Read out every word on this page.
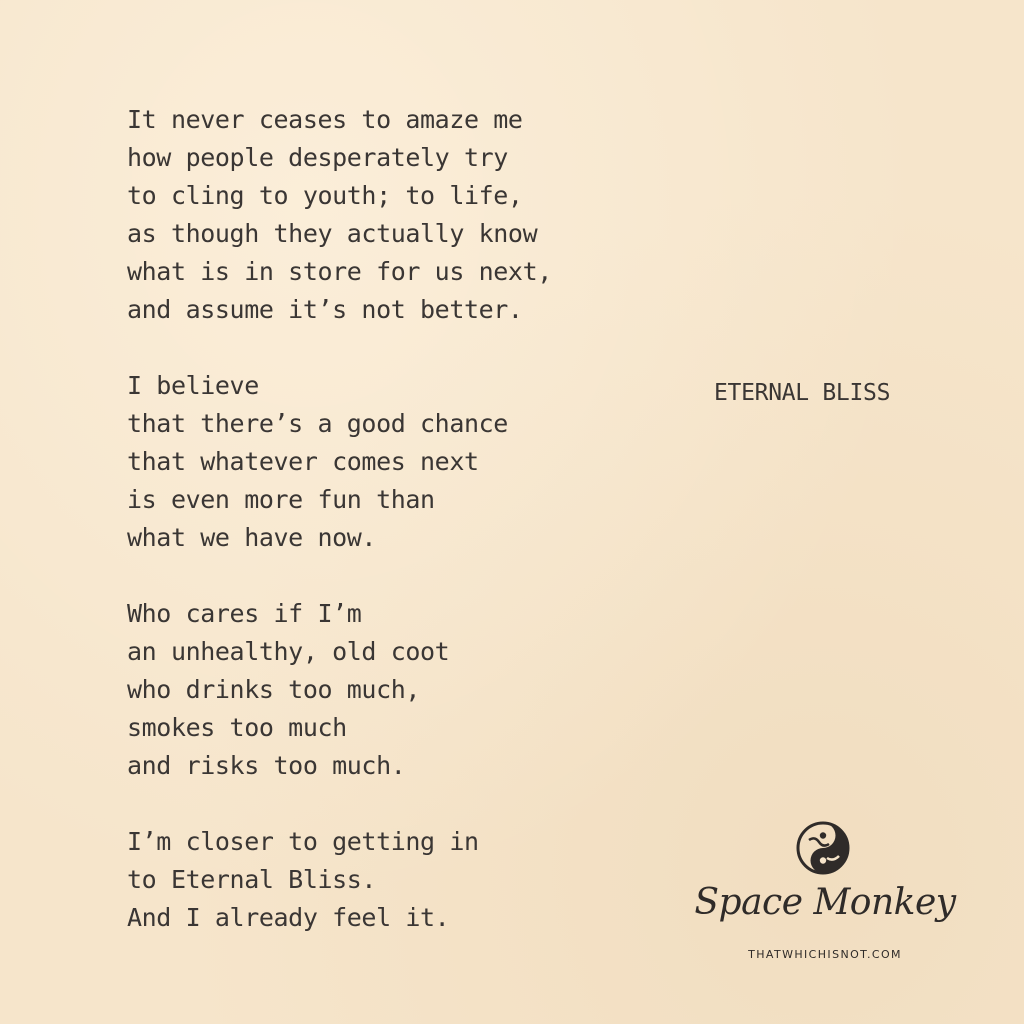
It never ceases to amaze me
how people desperately try
to cling to youth; to life,
as though they actually know
what is in store for us next,
and assume it’s not better.
I believe
that there’s a good chance
that whatever comes next
is even more fun than
what we have now.
Who cares if I’m
an unhealthy, old coot
who drinks too much,
smokes too much
and risks too much.
I’m closer to getting in
to Eternal Bliss.
And I already feel it.
ETERNAL BLISS
Space Monkey
THATWHICHISNOT.COM
